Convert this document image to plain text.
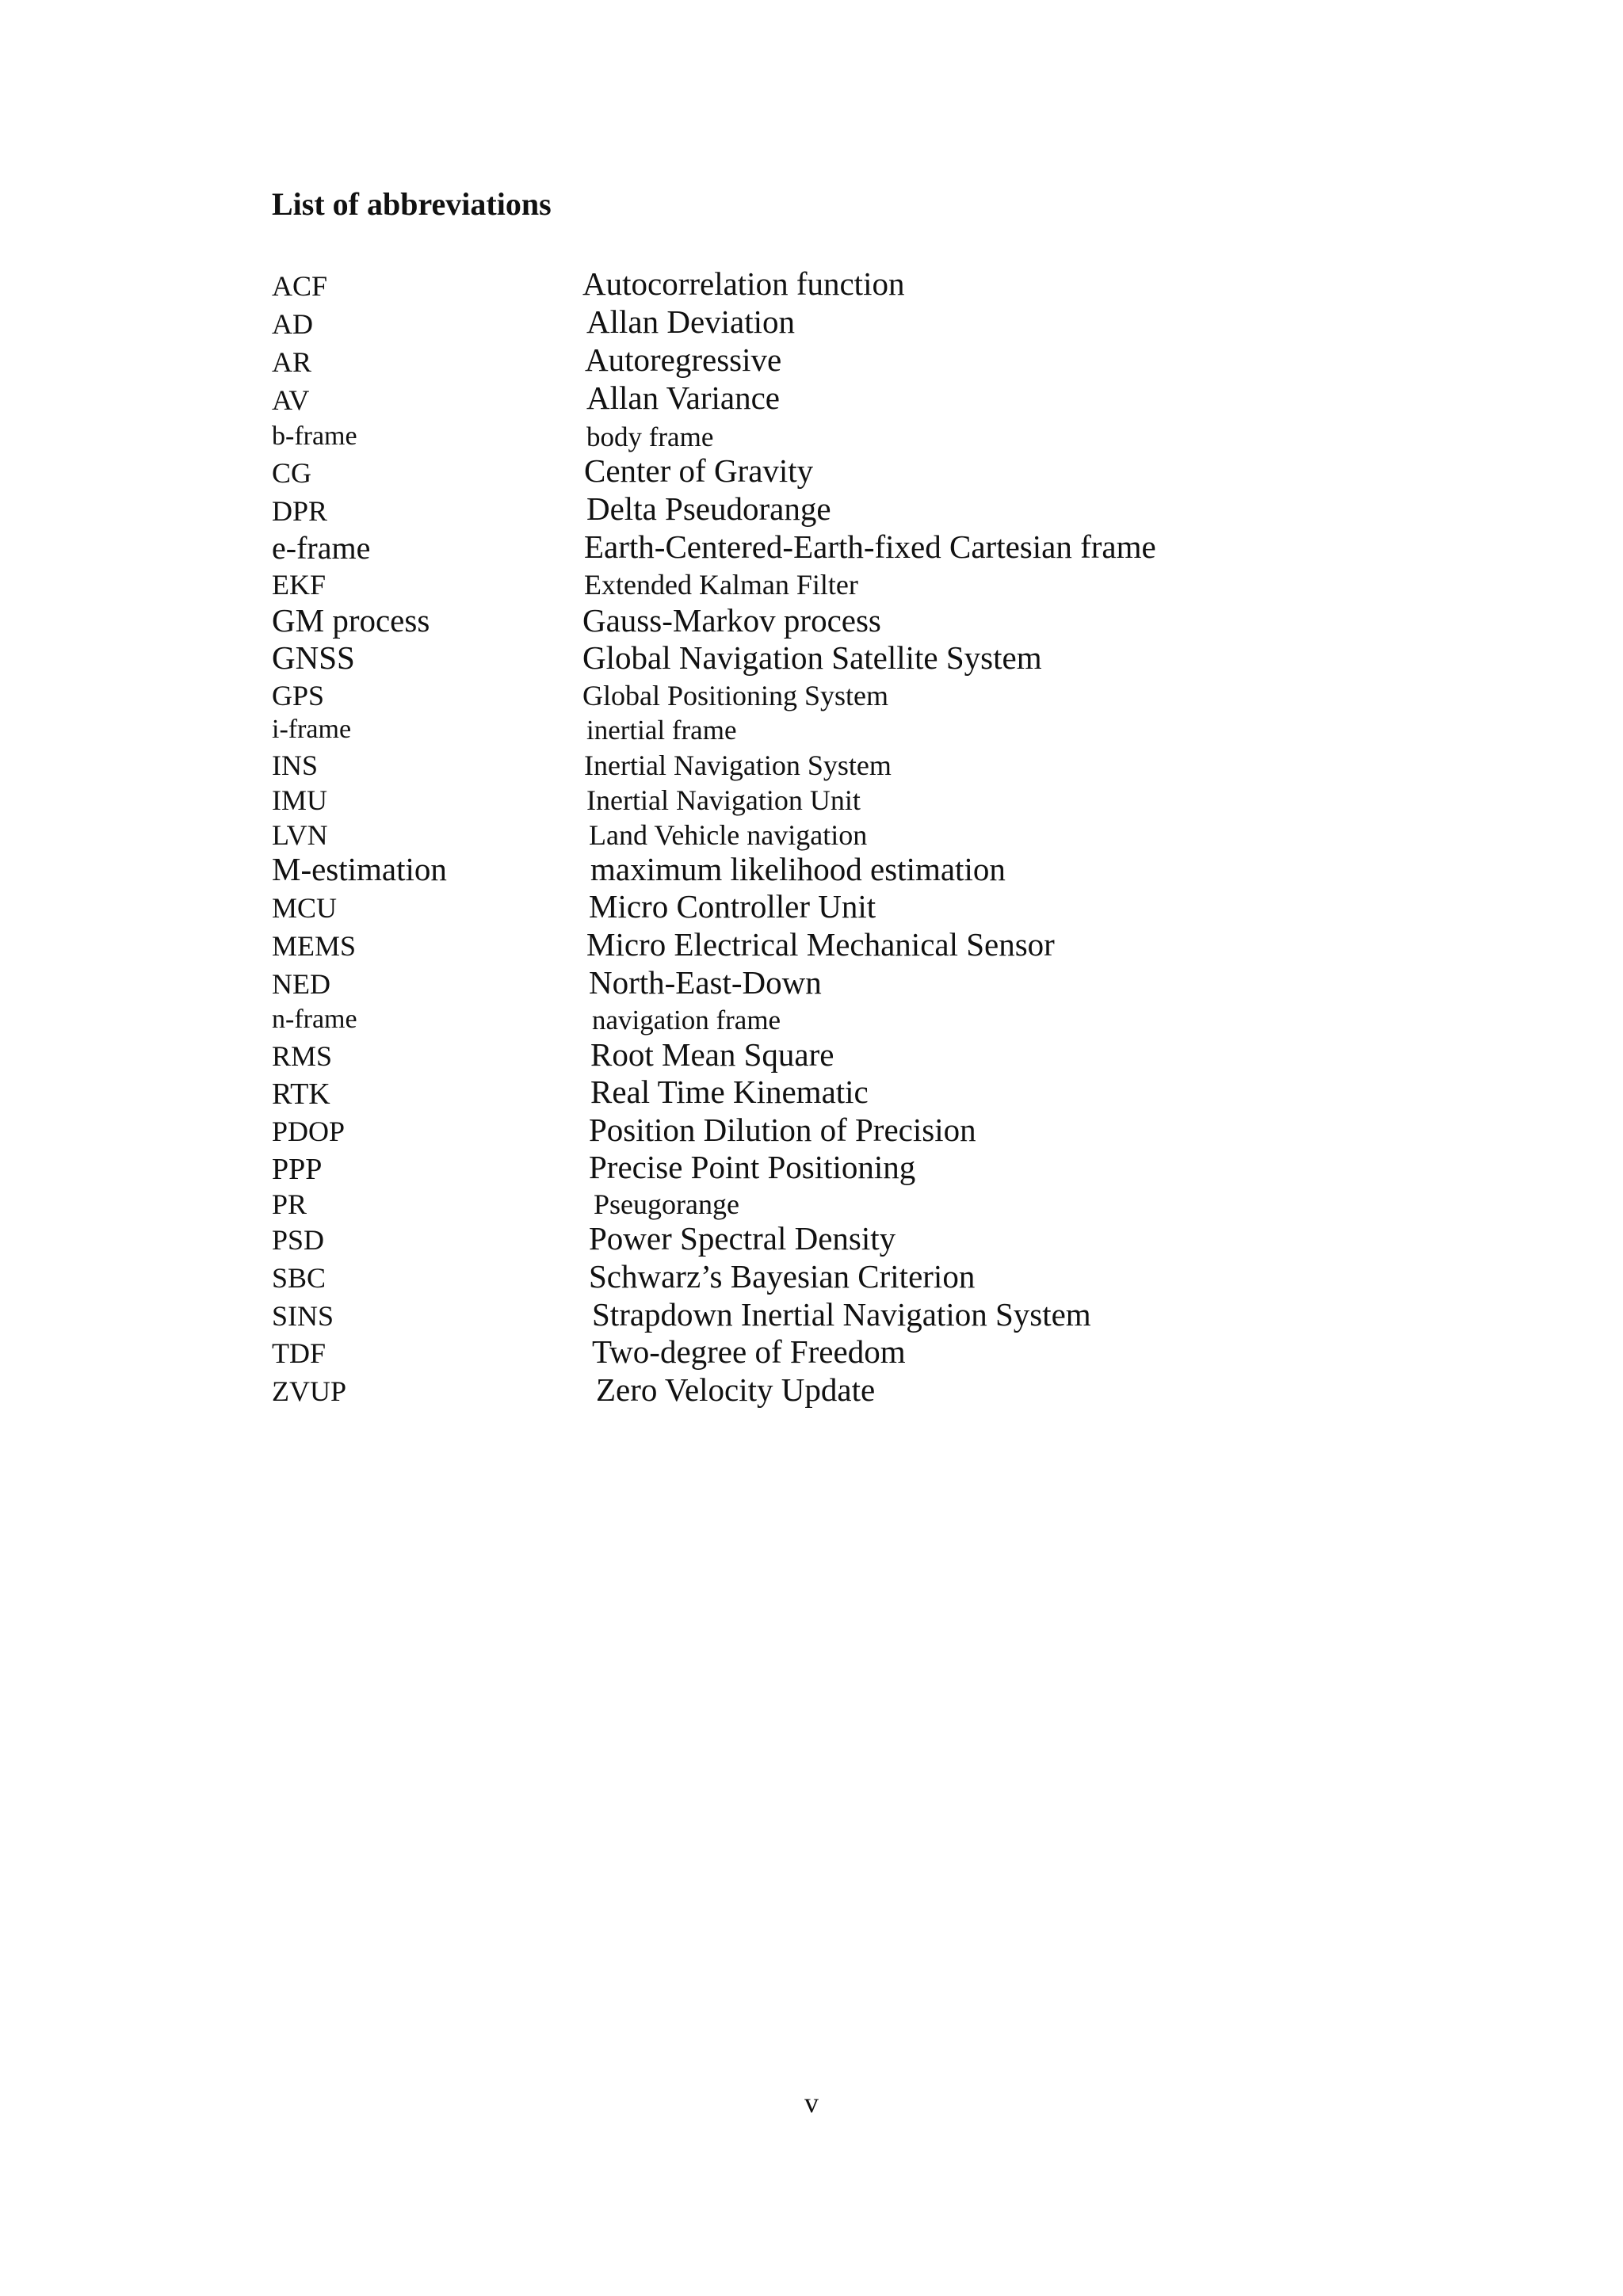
List of abbreviations
ACF	Autocorrelation function
AD	Allan Deviation
AR	Autoregressive
AV	Allan Variance
b-frame	body frame
CG	Center of Gravity
DPR	Delta Pseudorange
e-frame	Earth-Centered-Earth-fixed Cartesian frame
EKF	Extended Kalman Filter
GM process	Gauss-Markov process
GNSS	Global Navigation Satellite System
GPS	Global Positioning System
i-frame	inertial frame
INS	Inertial Navigation System
IMU	Inertial Navigation Unit
LVN	Land Vehicle navigation
M-estimation	maximum likelihood estimation
MCU	Micro Controller Unit
MEMS	Micro Electrical Mechanical Sensor
NED	North-East-Down
n-frame	navigation frame
RMS	Root Mean Square
RTK	Real Time Kinematic
PDOP	Position Dilution of Precision
PPP	Precise Point Positioning
PR	Pseugorange
PSD	Power Spectral Density
SBC	Schwarz’s Bayesian Criterion
SINS	Strapdown Inertial Navigation System
TDF	Two-degree of Freedom
ZVUP	Zero Velocity Update
v
